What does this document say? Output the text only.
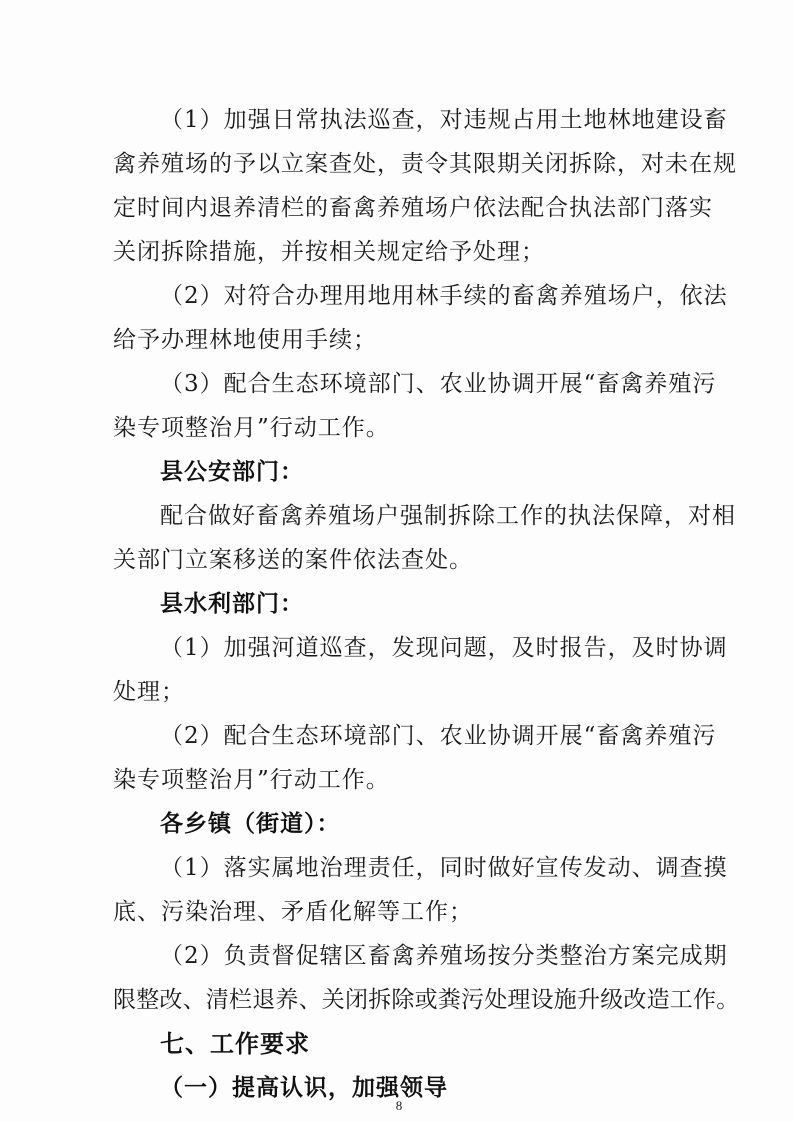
（1）加强日常执法巡查，对违规占用土地林地建设畜
禽养殖场的予以立案查处，责令其限期关闭拆除，对未在规
定时间内退养清栏的畜禽养殖场户依法配合执法部门落实
关闭拆除措施，并按相关规定给予处理；
（2）对符合办理用地用林手续的畜禽养殖场户，依法
给予办理林地使用手续；
（3）配合生态环境部门、农业协调开展“畜禽养殖污
染专项整治月”行动工作。
县公安部门：
配合做好畜禽养殖场户强制拆除工作的执法保障，对相
关部门立案移送的案件依法查处。
县水利部门：
（1）加强河道巡查，发现问题，及时报告，及时协调
处理；
（2）配合生态环境部门、农业协调开展“畜禽养殖污
染专项整治月”行动工作。
各乡镇（街道）：
（1）落实属地治理责任，同时做好宣传发动、调查摸
底、污染治理、矛盾化解等工作；
（2）负责督促辖区畜禽养殖场按分类整治方案完成期
限整改、清栏退养、关闭拆除或粪污处理设施升级改造工作。
七、工作要求
（一）提高认识，加强领导
8
